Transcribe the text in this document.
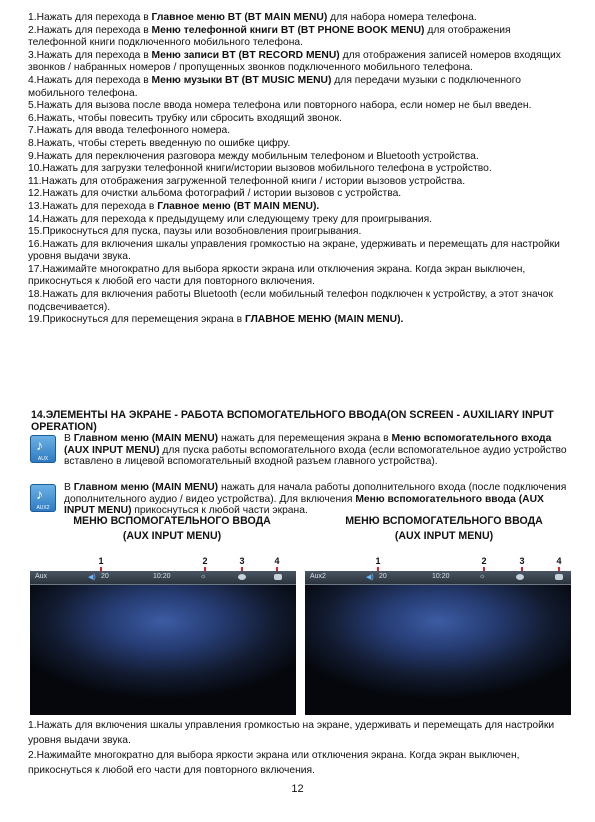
1.Нажать для перехода в Главное меню BT (BT MAIN MENU) для набора номера телефона.

2.Нажать для перехода в Меню телефонной книги BT (BT PHONE BOOK MENU) для отображения телефонной книги подключенного мобильного телефона.

3.Нажать для перехода в Меню записи BT (BT RECORD MENU) для отображения записей номеров входящих звонков / набранных номеров / пропущенных звонков подключенного мобильного телефона.

4.Нажать для перехода в Меню музыки BT (BT MUSIC MENU) для передачи музыки с подключенного мобильного телефона.

5.Нажать для вызова после ввода номера телефона или повторного набора, если номер не был введен.

6.Нажать, чтобы повесить трубку или сбросить входящий звонок.

7.Нажать для ввода телефонного номера.

8.Нажать, чтобы стереть введенную по ошибке цифру.

9.Нажать для переключения разговора между мобильным телефоном и Bluetooth устройства.

10.Нажать для загрузки телефонной книги/истории вызовов мобильного телефона в устройство.

11.Нажать для отображения загруженной телефонной книги / истории вызовов устройства.

12.Нажать для очистки альбома фотографий / истории вызовов с устройства.

13.Нажать для перехода в Главное меню (BT MAIN MENU).

14.Нажать для перехода к предыдущему или следующему треку для проигрывания.

15.Прикоснуться для пуска, паузы или возобновления проигрывания.

16.Нажать для включения шкалы управления громкостью на экране, удерживать и перемещать для настройки уровня выдачи звука.

17.Нажимайте многократно для выбора яркости экрана или отключения экрана. Когда экран выключен, прикоснуться к любой его части для повторного включения.

18.Нажать для включения работы Bluetooth (если мобильный телефон подключен к устройству, а этот значок подсвечивается).

19.Прикоснуться для перемещения экрана в ГЛАВНОЕ МЕНЮ (MAIN MENU).

14.ЭЛЕМЕНТЫ НА ЭКРАНЕ - РАБОТА ВСПОМОГАТЕЛЬНОГО ВВОДА(ON SCREEN - AUXILIARY INPUT OPERATION)
♪
AUX
В Главном меню (MAIN MENU) нажать для перемещения экрана в Меню вспомогательного входа (AUX INPUT MENU) для пуска работы вспомогательного входа (если вспомогательное аудио устройство вставлено в лицевой вспомогательный входной разъем главного устройства).
♪
AUX2
В Главном меню (MAIN MENU) нажать для начала работы дополнительного входа (после подключения дополнительного аудио / видео устройства). Для включения Меню вспомогательного ввода (AUX INPUT MENU) прикоснуться к любой части экрана.
МЕНЮ ВСПОМОГАТЕЛЬНОГО ВВОДА
(AUX INPUT MENU)
МЕНЮ ВСПОМОГАТЕЛЬНОГО ВВОДА
(AUX INPUT MENU)
1	2	3	4	1	2	3	4
Aux	◀) 20	10:20	☼	Aux2	◀) 20	10:20	☼

1.Нажать для включения шкалы управления громкостью на экране, удерживать и перемещать для настройки уровня выдачи звука.

2.Нажимайте многократно для выбора яркости экрана или отключения экрана. Когда экран выключен, прикоснуться к любой его части для повторного включения.

12
